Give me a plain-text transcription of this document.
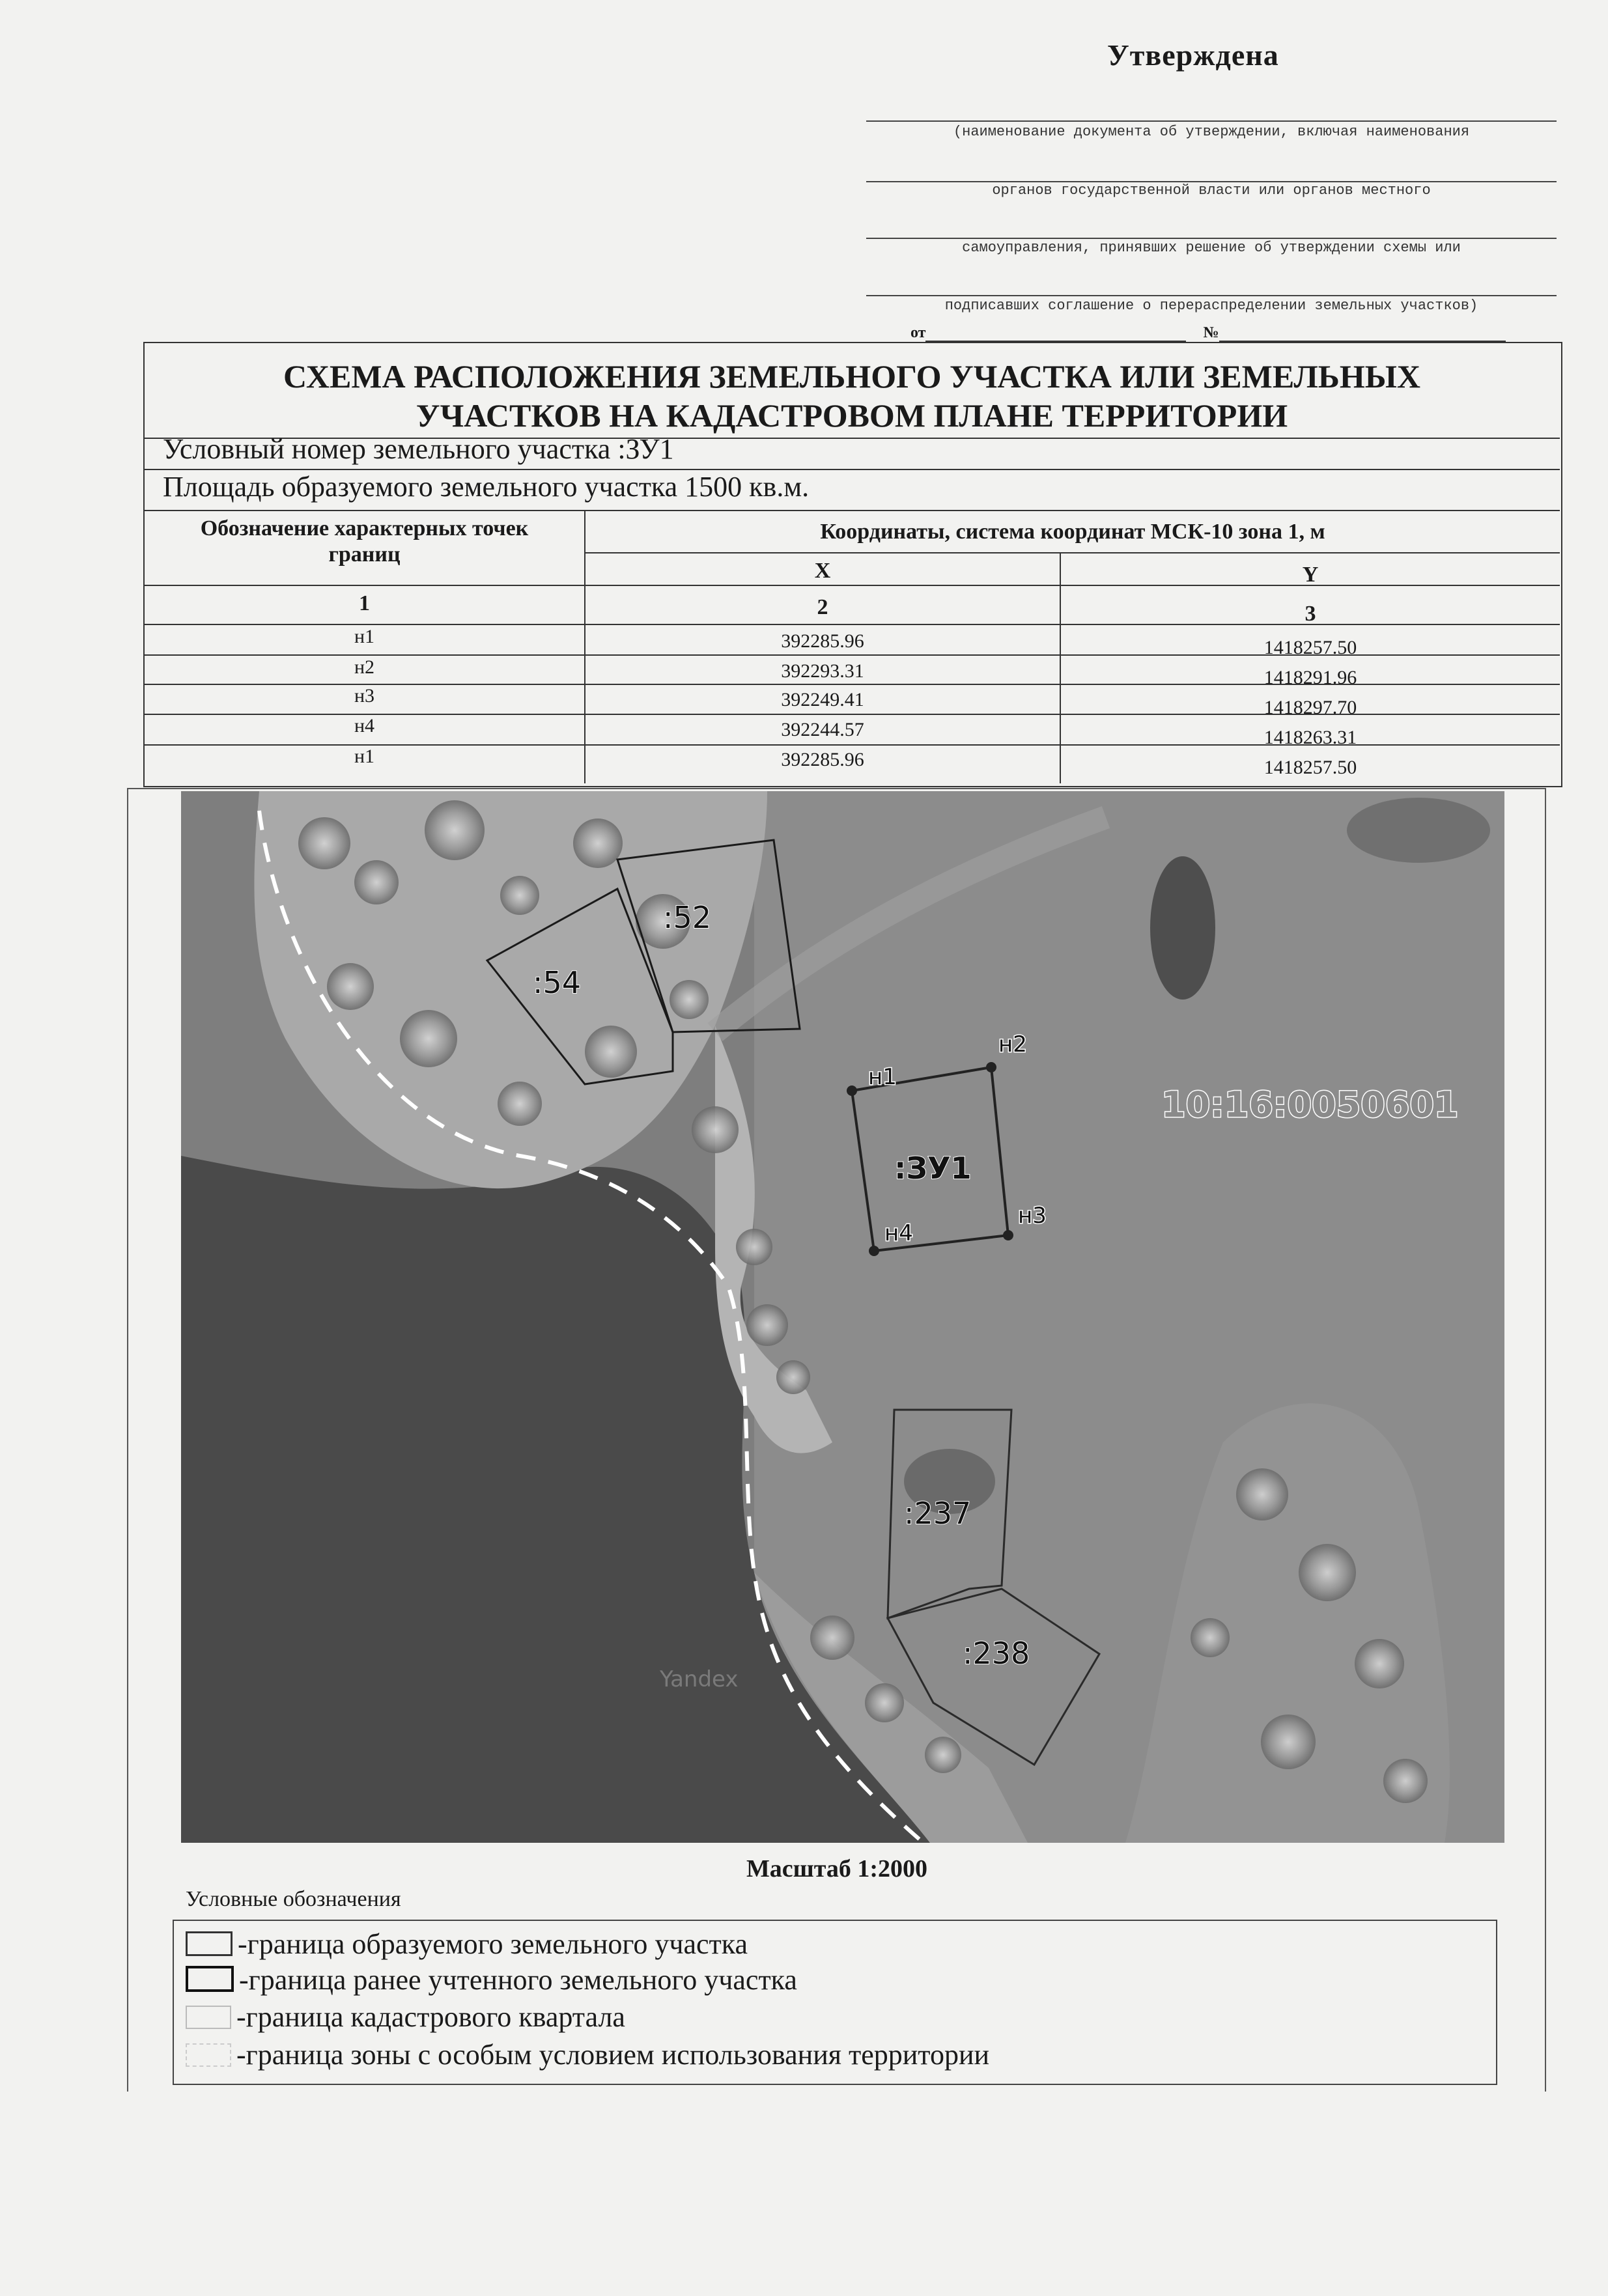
Утверждена
(наименование документа об утверждении, включая наименования
органов государственной власти или органов местного
самоуправления, принявших решение об утверждении схемы или
подписавших соглашение о перераспределении земельных участков)
от	№
СХЕМА РАСПОЛОЖЕНИЯ ЗЕМЕЛЬНОГО УЧАСТКА ИЛИ ЗЕМЕЛЬНЫХ
УЧАСТКОВ НА КАДАСТРОВОМ ПЛАНЕ ТЕРРИТОРИИ
Условный номер земельного участка :ЗУ1
Площадь образуемого земельного участка 1500 кв.м.
Обозначение характерных точек
границ
Координаты, система координат МСК-10 зона 1, м
X	Y
1	2	3
н1	392285.96	1418257.50
н2	392293.31	1418291.96
н3	392249.41	1418297.70
н4	392244.57	1418263.31
н1	392285.96	1418257.50
:52
:54
:ЗУ1
:237
:238
н1
н2
н3
н4
10:16:0050601
Yandex
Масштаб 1:2000
Условные обозначения
-граница образуемого земельного участка
-граница ранее учтенного земельного участка
-граница кадастрового квартала
-граница зоны с особым условием использования территории
